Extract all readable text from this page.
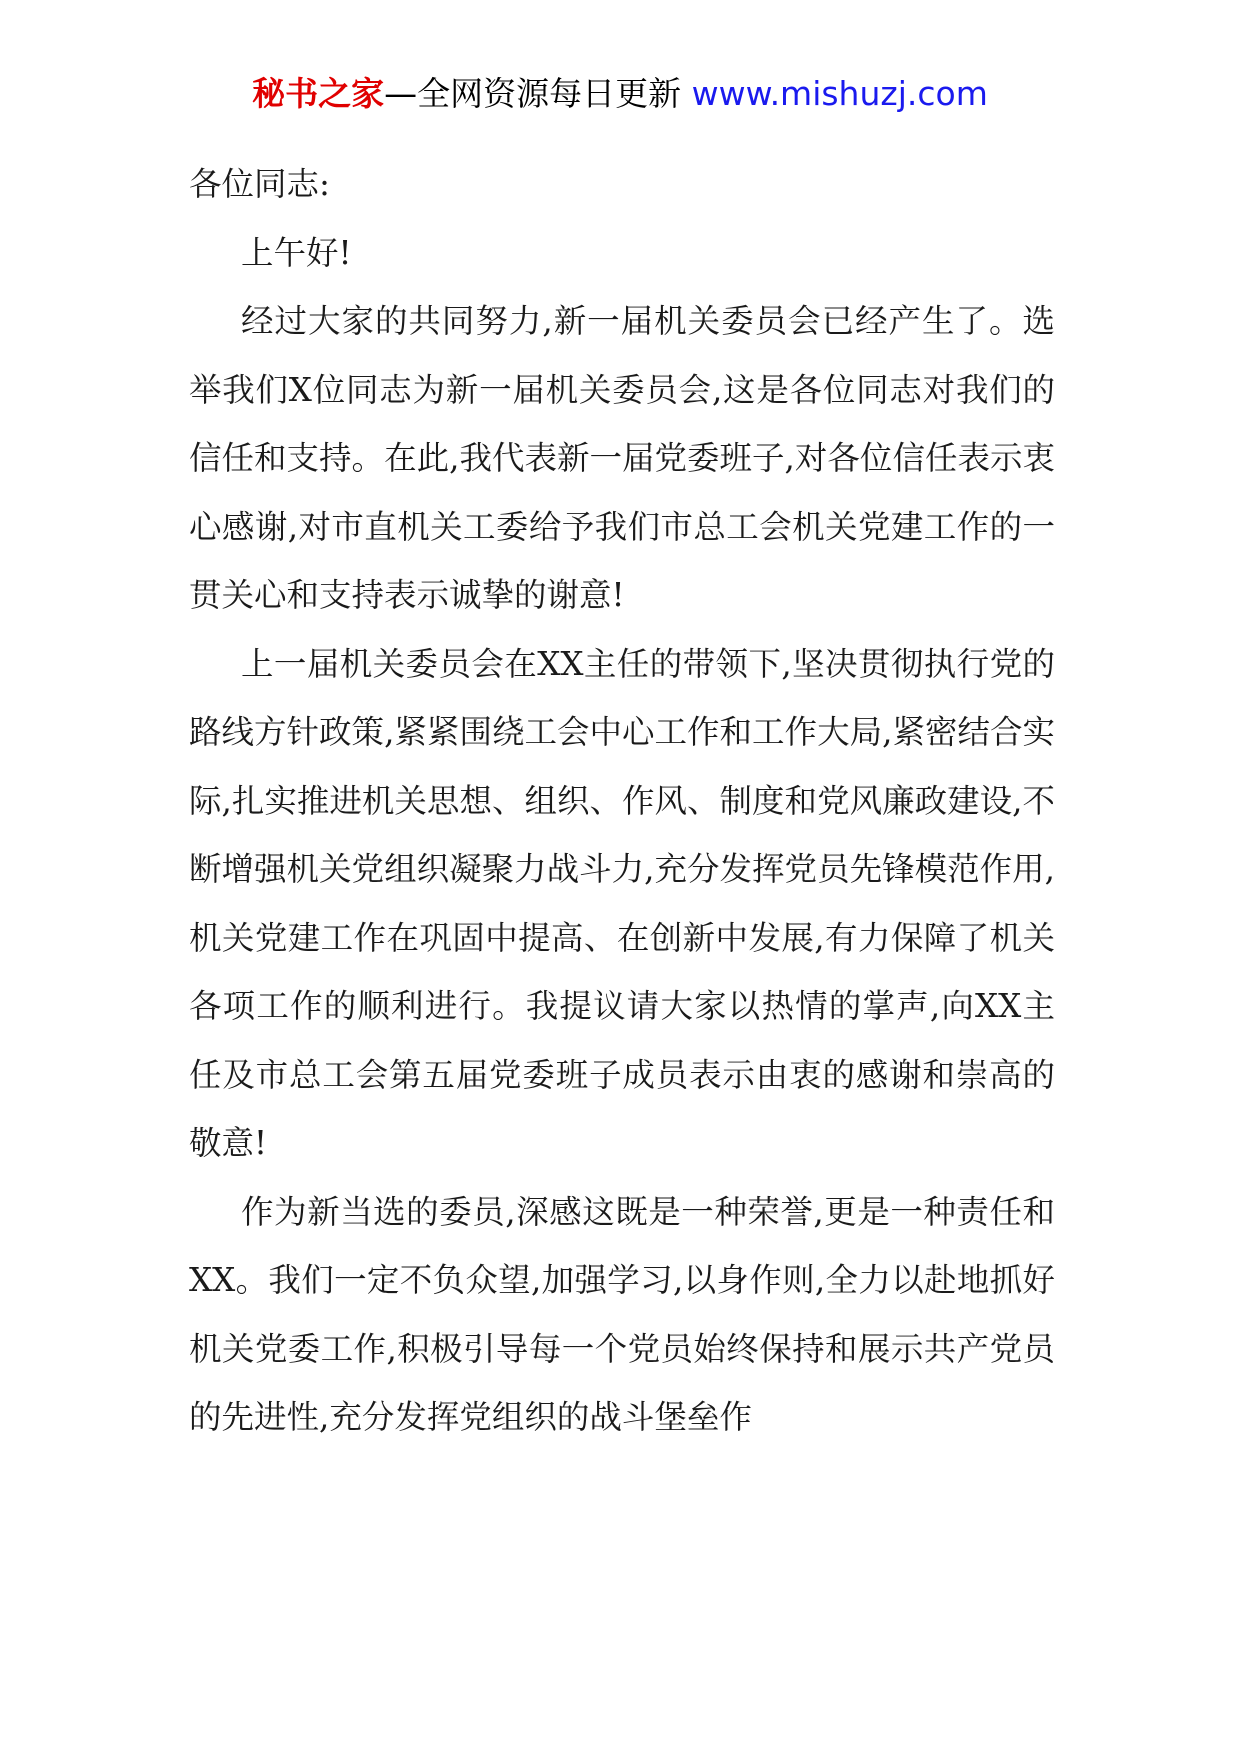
秘书之家—全网资源每日更新 www.mishuzj.com

各位同志:

上午好!

经过大家的共同努力,新一届机关委员会已经产生了。选举我们X位同志为新一届机关委员会,这是各位同志对我们的信任和支持。在此,我代表新一届党委班子,对各位信任表示衷心感谢,对市直机关工委给予我们市总工会机关党建工作的一贯关心和支持表示诚挚的谢意!

上一届机关委员会在XX主任的带领下,坚决贯彻执行党的路线方针政策,紧紧围绕工会中心工作和工作大局,紧密结合实际,扎实推进机关思想、组织、作风、制度和党风廉政建设,不断增强机关党组织凝聚力战斗力,充分发挥党员先锋模范作用,机关党建工作在巩固中提高、在创新中发展,有力保障了机关各项工作的顺利进行。我提议请大家以热情的掌声,向XX主任及市总工会第五届党委班子成员表示由衷的感谢和崇高的敬意!

作为新当选的委员,深感这既是一种荣誉,更是一种责任和XX。我们一定不负众望,加强学习,以身作则,全力以赴地抓好机关党委工作,积极引导每一个党员始终保持和展示共产党员的先进性,充分发挥党组织的战斗堡垒作
